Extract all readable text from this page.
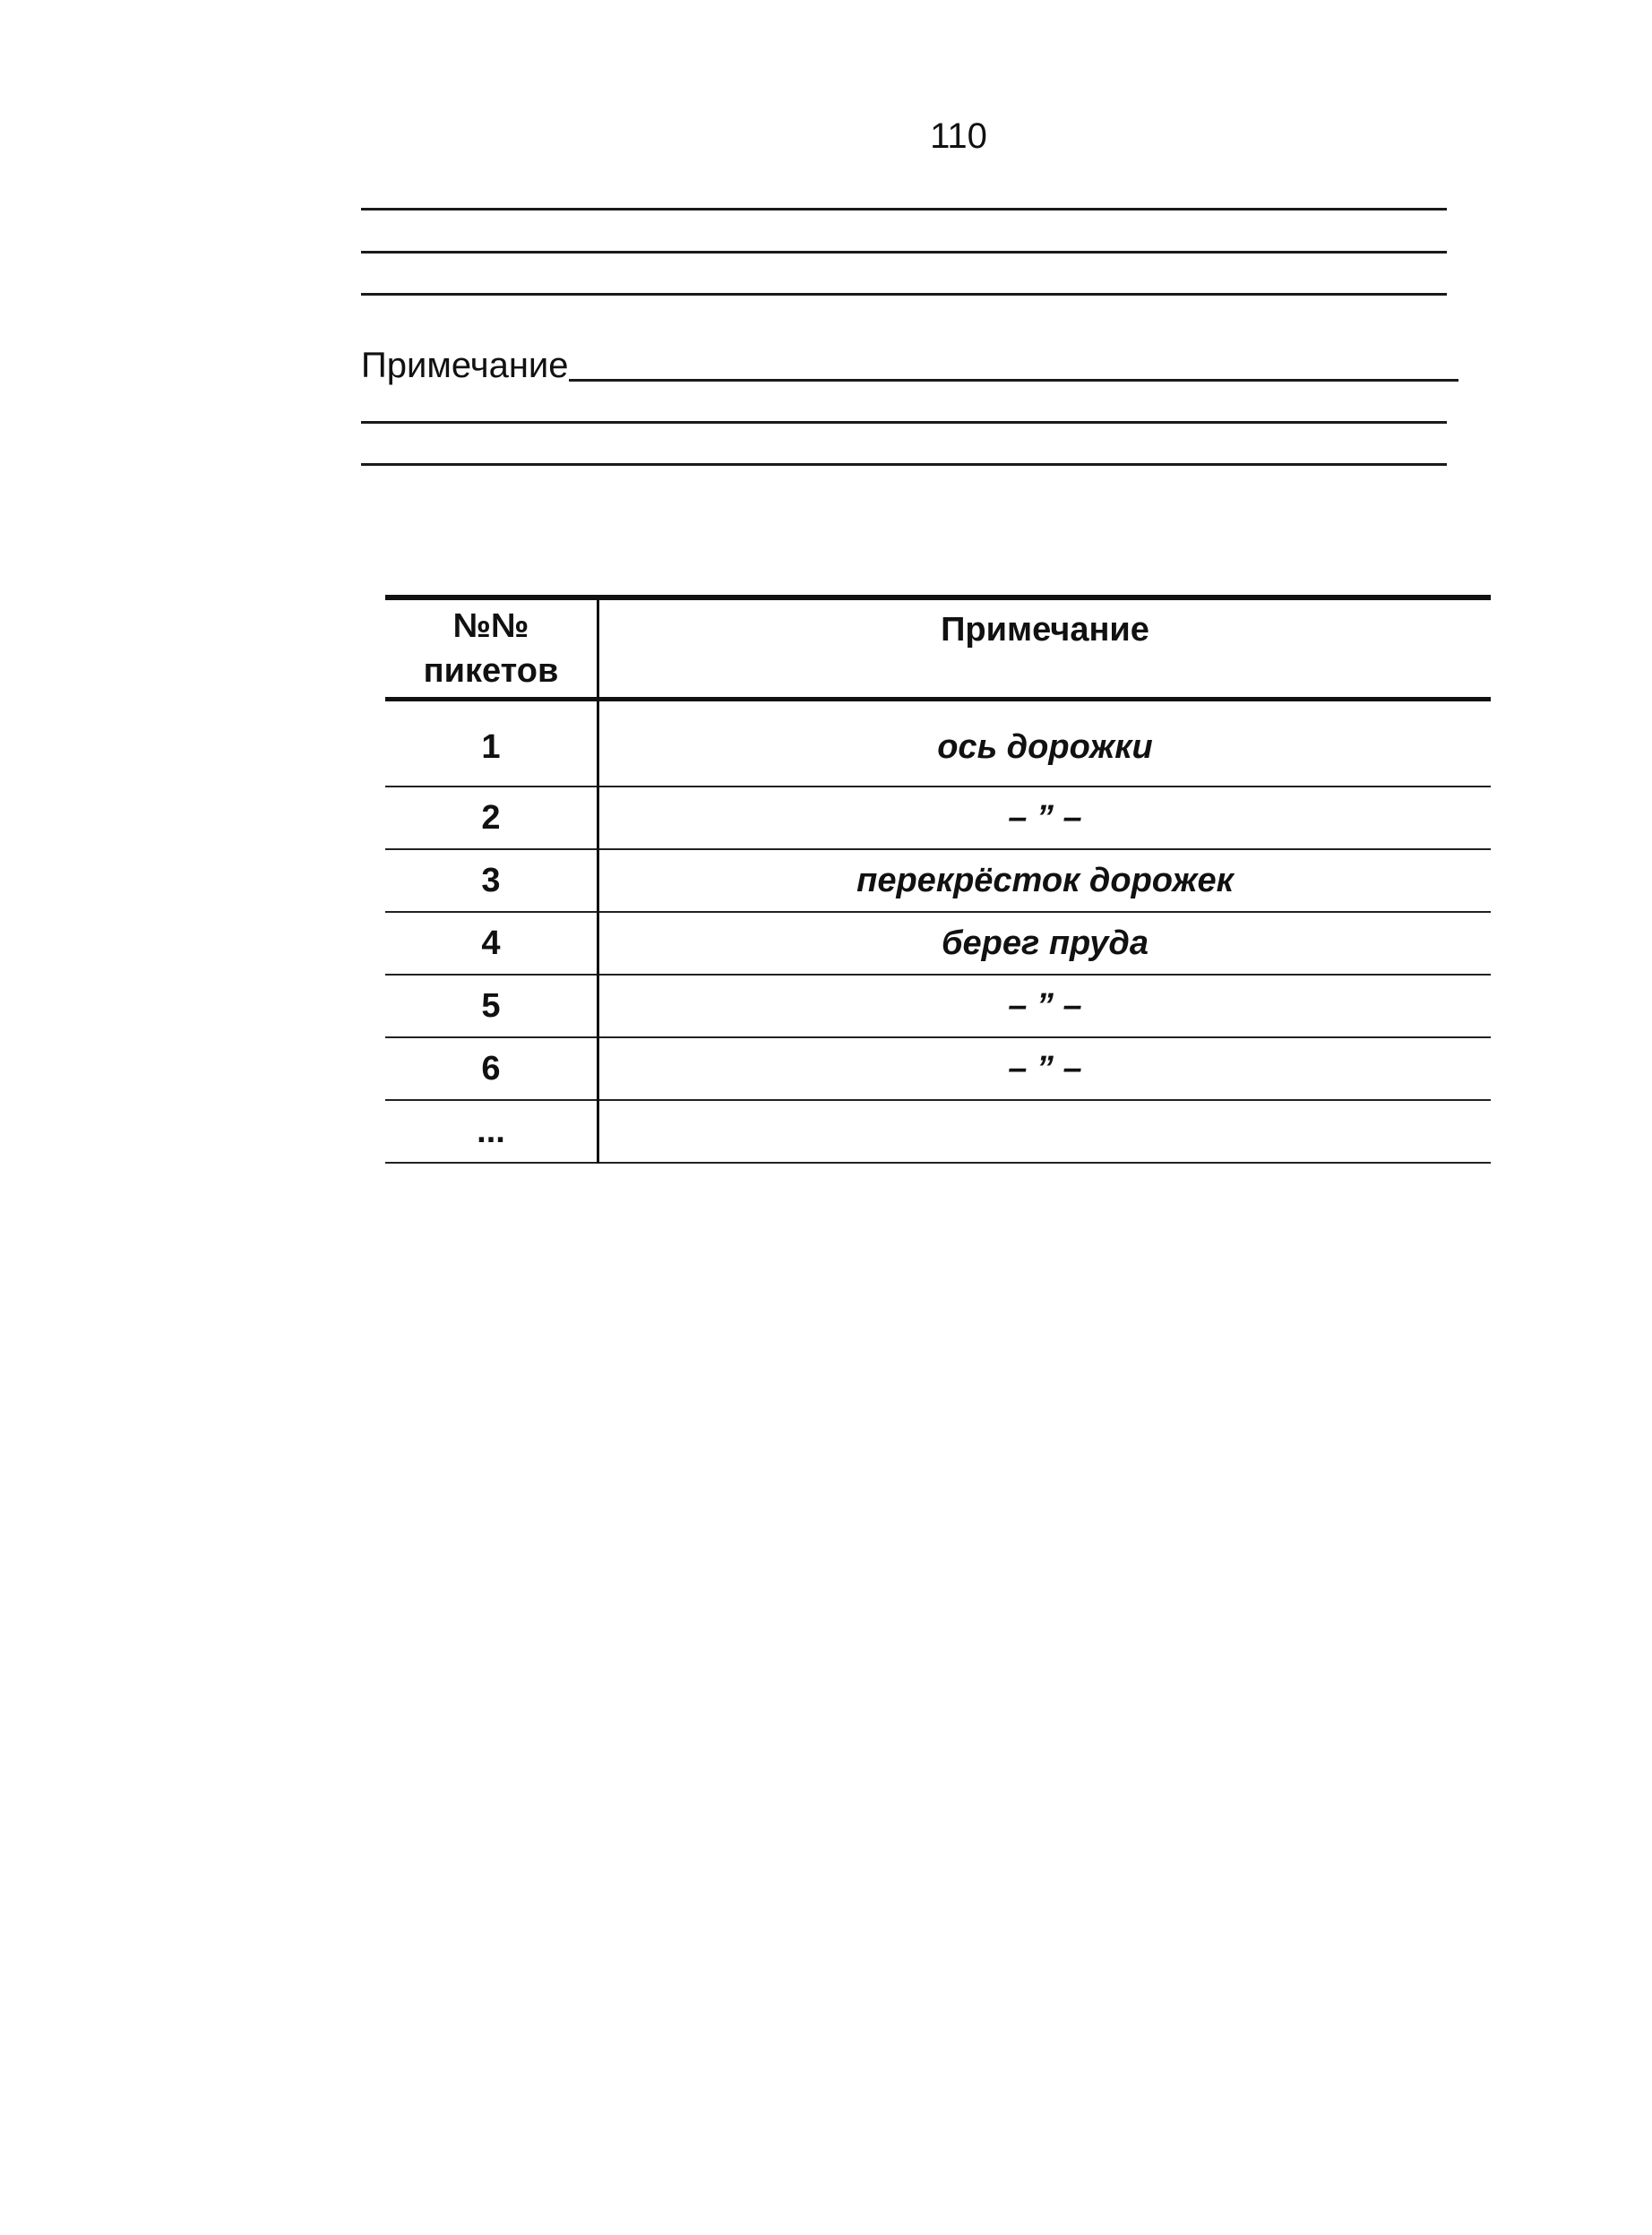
110
Примечание
№№
пикетов	Примечание
1	ось дорожки
2	– ” –
3	перекрёсток дорожек
4	берег пруда
5	– ” –
6	– ” –
...	
